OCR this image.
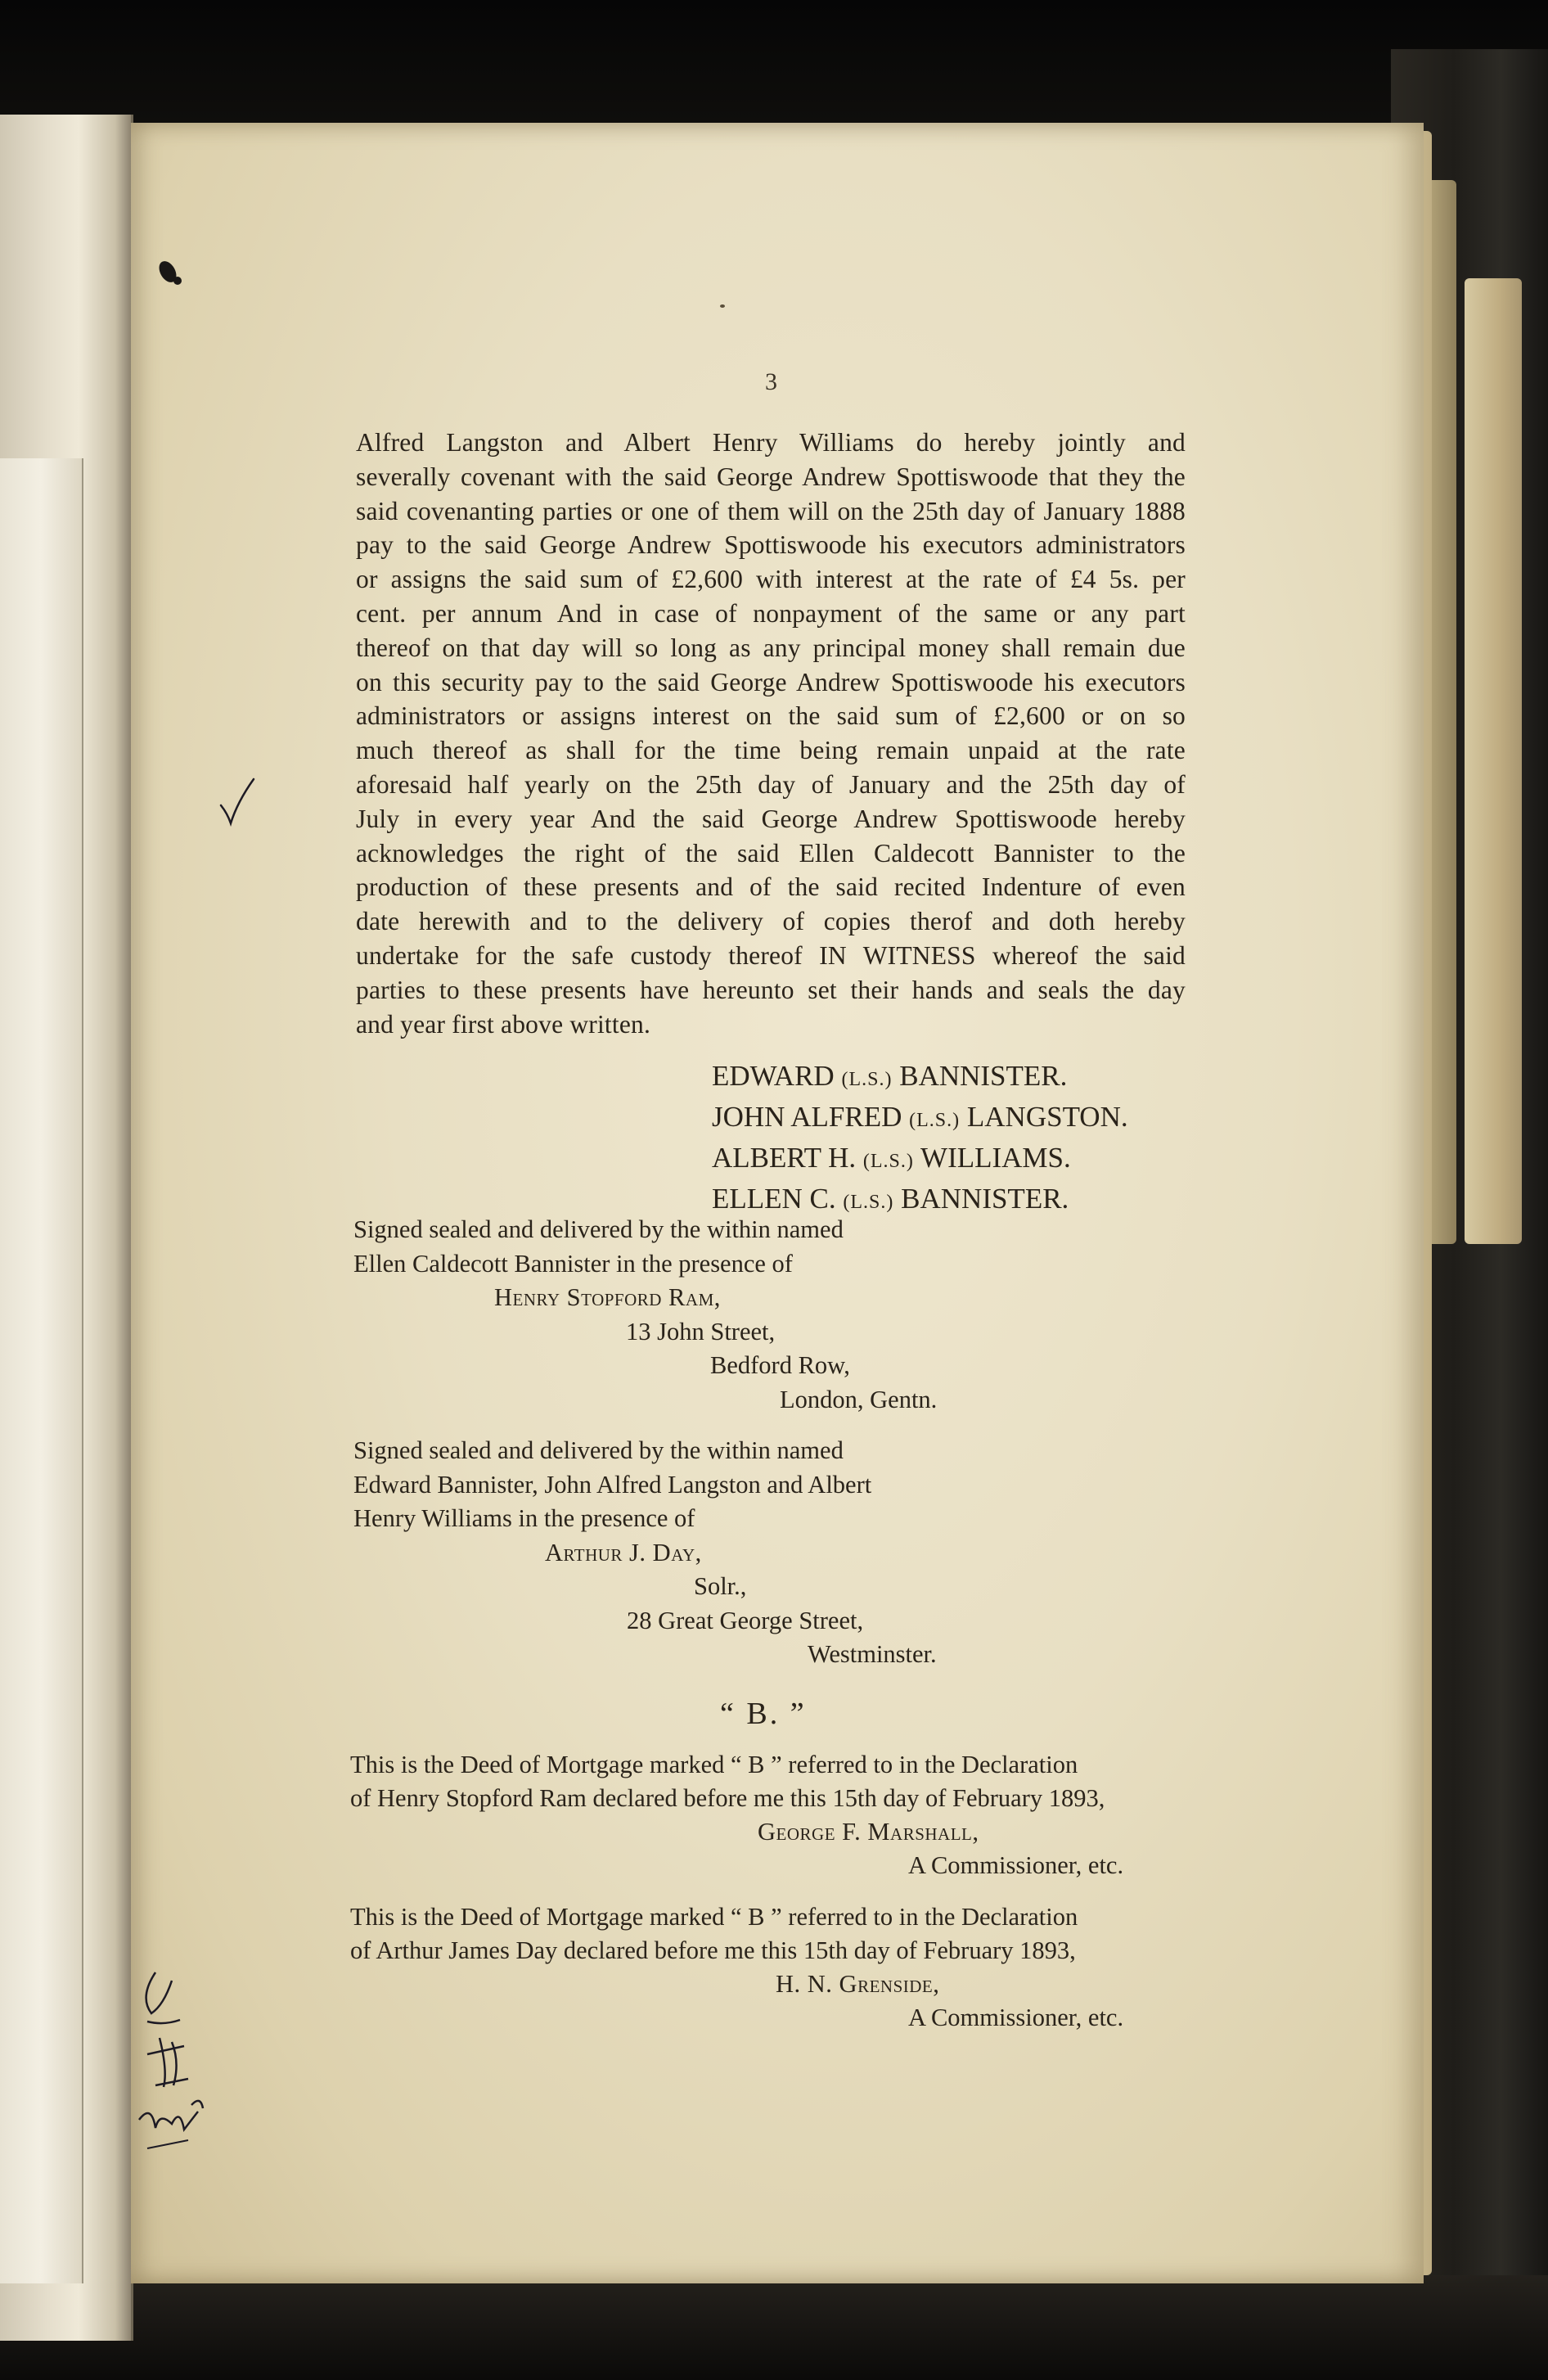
3
Alfred Langston and Albert Henry Williams do hereby jointly and
severally covenant with the said George Andrew Spottiswoode that they the
said covenanting parties or one of them will on the 25th day of January 1888
pay to the said George Andrew Spottiswoode his executors administrators
or assigns the said sum of £2,600 with interest at the rate of £4 5s. per
cent. per annum And in case of nonpayment of the same or any part
thereof on that day will so long as any principal money shall remain due
on this security pay to the said George Andrew Spottiswoode his executors
administrators or assigns interest on the said sum of £2,600 or on so
much thereof as shall for the time being remain unpaid at the rate
aforesaid half yearly on the 25th day of January and the 25th day of
July in every year And the said George Andrew Spottiswoode hereby
acknowledges the right of the said Ellen Caldecott Bannister to the
production of these presents and of the said recited Indenture of even
date herewith and to the delivery of copies therof and doth hereby
undertake for the safe custody thereof IN WITNESS whereof the said
parties to these presents have hereunto set their hands and seals the day
and year first above written.
EDWARD (L.S.) BANNISTER.
JOHN ALFRED (L.S.) LANGSTON.
ALBERT H. (L.S.) WILLIAMS.
ELLEN C. (L.S.) BANNISTER.
Signed sealed and delivered by the within named
Ellen Caldecott Bannister in the presence of
Henry Stopford Ram,
13 John Street,
Bedford Row,
London, Gentn.
Signed sealed and delivered by the within named
Edward Bannister, John Alfred Langston and Albert
Henry Williams in the presence of
Arthur J. Day,
Solr.,
28 Great George Street,
Westminster.
“ B. ”
This is the Deed of Mortgage marked “ B ” referred to in the Declaration
of Henry Stopford Ram declared before me this 15th day of February 1893,
George F. Marshall,
A Commissioner, etc.
This is the Deed of Mortgage marked “ B ” referred to in the Declaration
of Arthur James Day declared before me this 15th day of February 1893,
H. N. Grenside,
A Commissioner, etc.
